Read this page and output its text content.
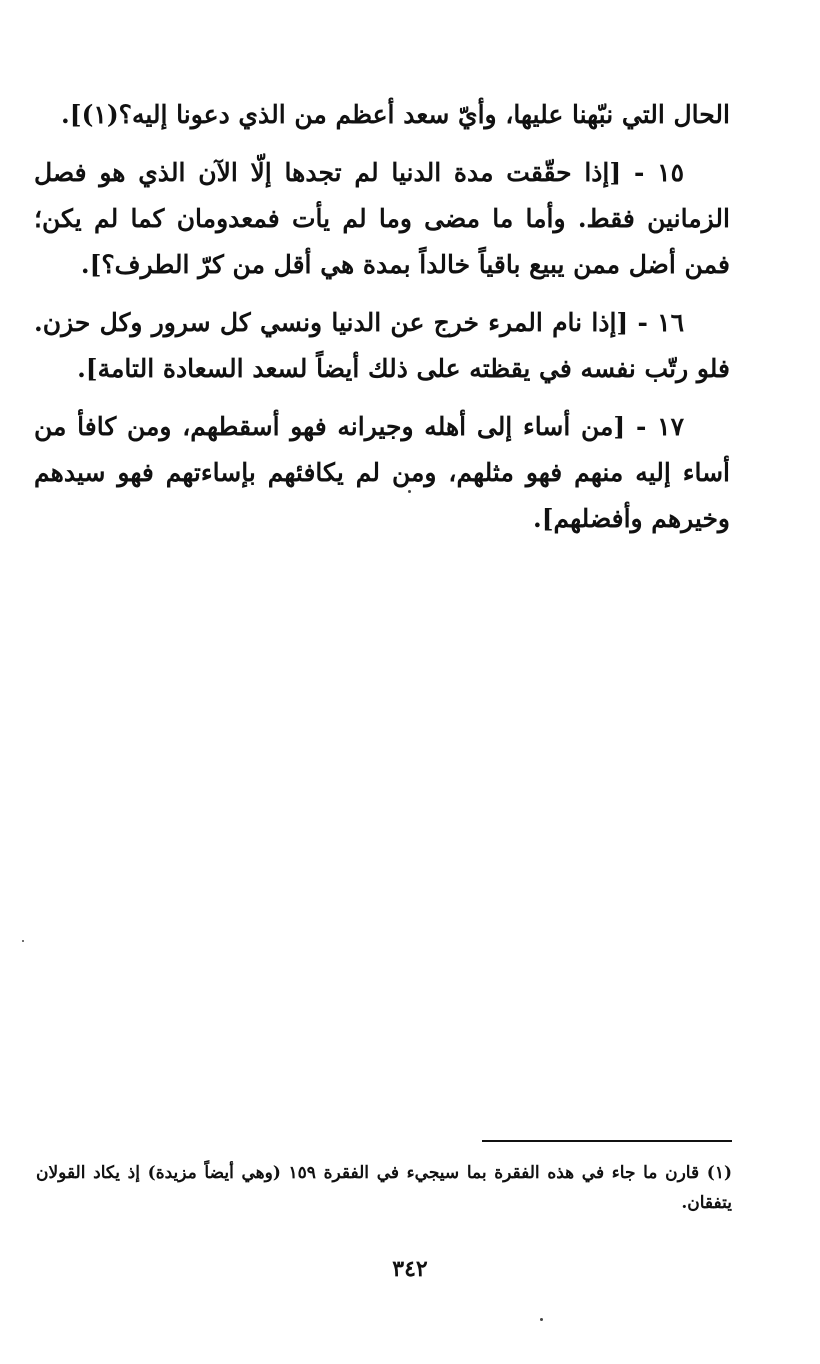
الحال التي نبّهنا عليها، وأيّ سعد أعظم من الذي دعونا إليه؟(١)].

١٥ - [إذا حقّقت مدة الدنيا لم تجدها إلّا الآن الذي هو فصل الزمانين فقط. وأما ما مضى وما لم يأت فمعدومان كما لم يكن؛ فمن أضل ممن يبيع باقياً خالداً بمدة هي أقل من كرّ الطرف؟].

١٦ - [إذا نام المرء خرج عن الدنيا ونسي كل سرور وكل حزن. فلو رتّب نفسه في يقظته على ذلك أيضاً لسعد السعادة التامة].

١٧ - [من أساء إلى أهله وجيرانه فهو أسقطهم، ومن كافأ من أساء إليه منهم فهو مثلهم، ومن لم يكافئهم بإساءتهم فهو سيدهم وخيرهم وأفضلهم].

(١) قارن ما جاء في هذه الفقرة بما سيجيء في الفقرة ١٥٩ (وهي أيضاً مزيدة) إذ يكاد القولان يتفقان.

٣٤٢
